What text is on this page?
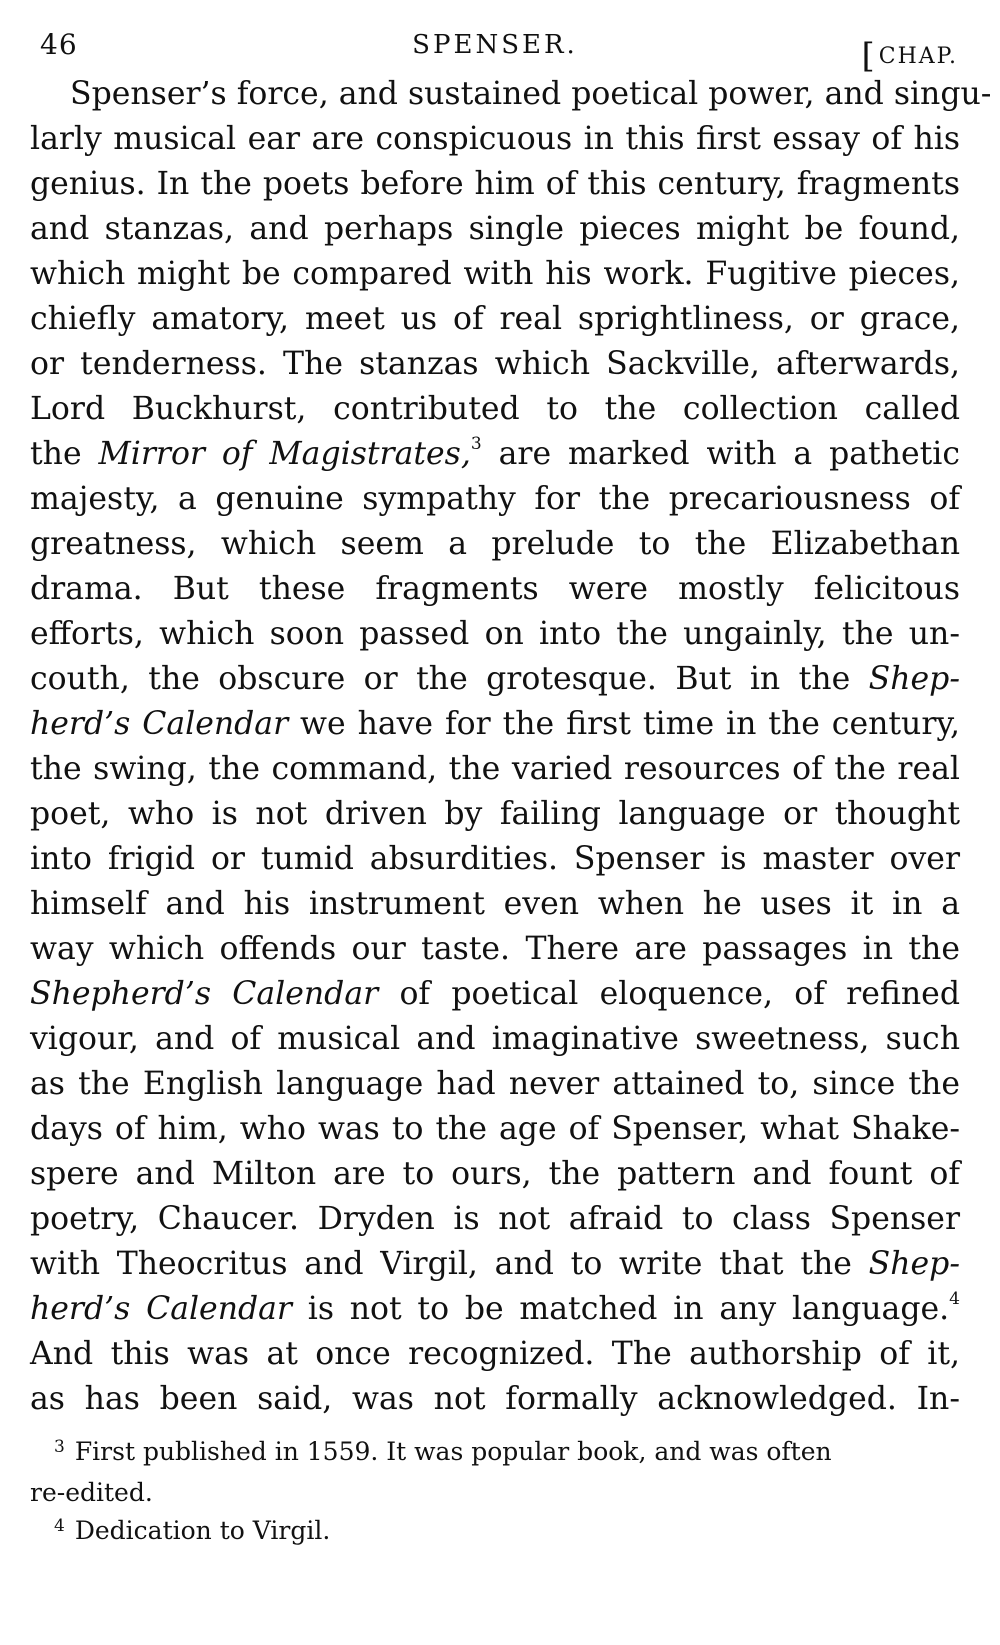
46	SPENSER.	[CHAP.
Spenser’s force, and sustained poetical power, and singu-
larly musical ear are conspicuous in this first essay of his
genius. In the poets before him of this century, fragments
and stanzas, and perhaps single pieces might be found,
which might be compared with his work. Fugitive pieces,
chiefly amatory, meet us of real sprightliness, or grace,
or tenderness. The stanzas which Sackville, afterwards,
Lord Buckhurst, contributed to the collection called
the Mirror of Magistrates,$^3$ are marked with a pathetic
majesty, a genuine sympathy for the precariousness of
greatness, which seem a prelude to the Elizabethan
drama. But these fragments were mostly felicitous
efforts, which soon passed on into the ungainly, the un-
couth, the obscure or the grotesque. But in the Shep-
herd’s Calendar we have for the first time in the century,
the swing, the command, the varied resources of the real
poet, who is not driven by failing language or thought
into frigid or tumid absurdities. Spenser is master over
himself and his instrument even when he uses it in a
way which offends our taste. There are passages in the
Shepherd’s Calendar of poetical eloquence, of refined
vigour, and of musical and imaginative sweetness, such
as the English language had never attained to, since the
days of him, who was to the age of Spenser, what Shake-
spere and Milton are to ours, the pattern and fount of
poetry, Chaucer. Dryden is not afraid to class Spenser
with Theocritus and Virgil, and to write that the Shep-
herd’s Calendar is not to be matched in any language.$^4$
And this was at once recognized. The authorship of it,
as has been said, was not formally acknowledged. In-
$^3$ First published in 1559. It was popular book, and was often
re-edited.
$^4$ Dedication to Virgil.
